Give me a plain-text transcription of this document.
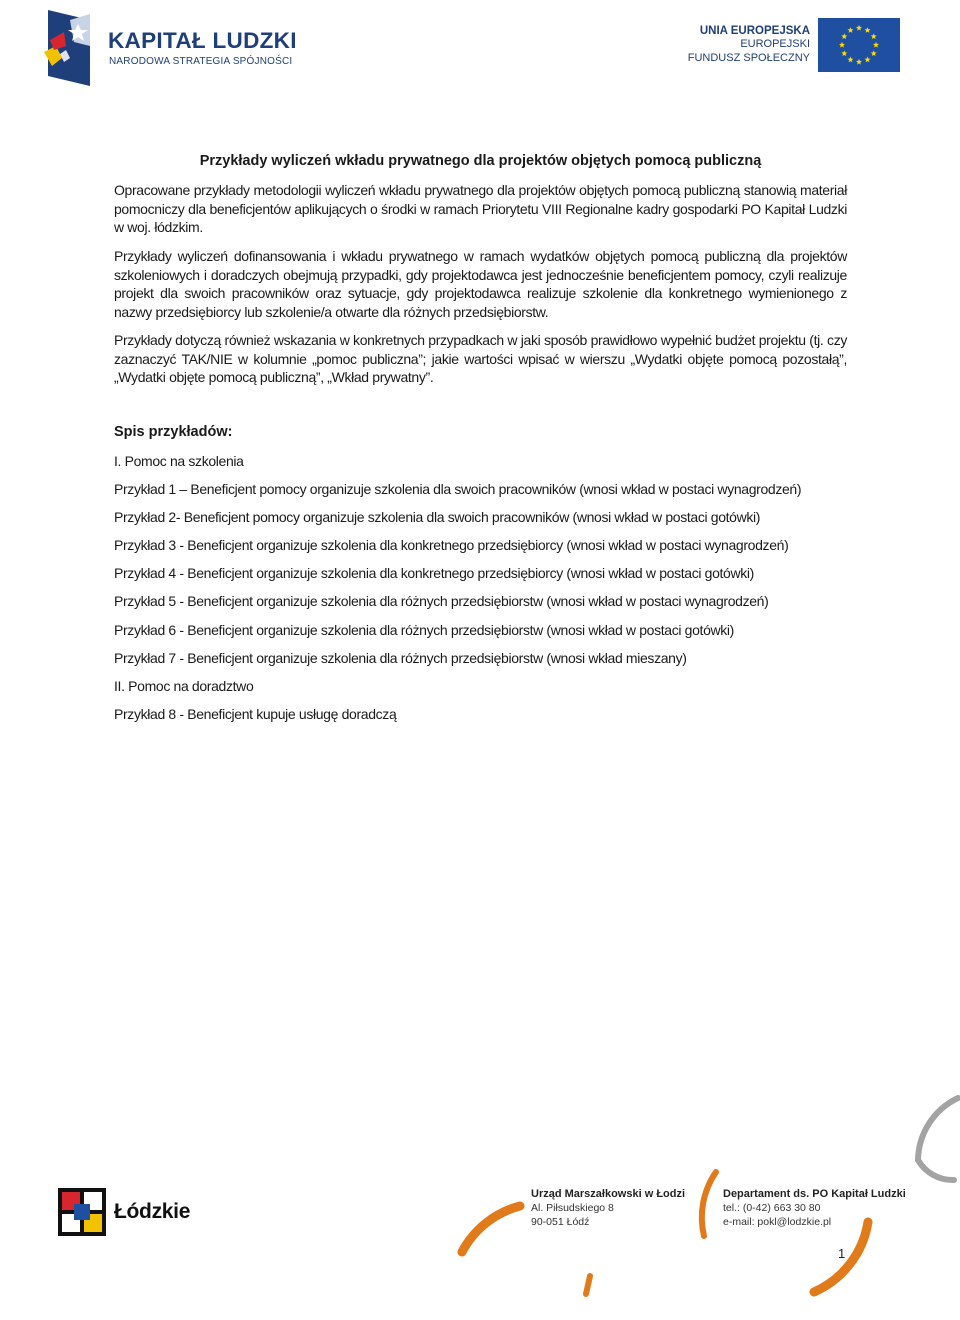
KAPITAŁ LUDZKI
NARODOWA STRATEGIA SPÓJNOŚCI
UNIA EUROPEJSKA
EUROPEJSKI
FUNDUSZ SPOŁECZNY
Przykłady wyliczeń wkładu prywatnego dla projektów objętych pomocą publiczną

Opracowane przykłady metodologii wyliczeń wkładu prywatnego dla projektów objętych pomocą publiczną stanowią materiał pomocniczy dla beneficjentów aplikujących o środki w ramach Priorytetu VIII Regionalne kadry gospodarki PO Kapitał Ludzki w woj. łódzkim.

Przykłady wyliczeń dofinansowania i wkładu prywatnego w ramach wydatków objętych pomocą publiczną dla projektów szkoleniowych i doradczych obejmują przypadki, gdy projektodawca jest jednocześnie beneficjentem pomocy, czyli realizuje projekt dla swoich pracowników oraz sytuacje, gdy projektodawca realizuje szkolenie dla konkretnego wymienionego z nazwy przedsiębiorcy lub szkolenie/a otwarte dla różnych przedsiębiorstw.

Przykłady dotyczą również wskazania w konkretnych przypadkach w jaki sposób prawidłowo wypełnić budżet projektu (tj. czy zaznaczyć TAK/NIE w kolumnie „pomoc publiczna”; jakie wartości wpisać w wierszu „Wydatki objęte pomocą pozostałą”, „Wydatki objęte pomocą publiczną”, „Wkład prywatny”.

Spis przykładów:
I. Pomoc na szkolenia
Przykład 1 – Beneficjent pomocy organizuje szkolenia dla swoich pracowników (wnosi wkład w postaci wynagrodzeń)
Przykład 2- Beneficjent pomocy organizuje szkolenia dla swoich pracowników (wnosi wkład w postaci gotówki)
Przykład 3 - Beneficjent organizuje szkolenia dla konkretnego przedsiębiorcy (wnosi wkład w postaci wynagrodzeń)
Przykład 4 - Beneficjent organizuje szkolenia dla konkretnego przedsiębiorcy (wnosi wkład w postaci gotówki)
Przykład 5 - Beneficjent organizuje szkolenia dla różnych przedsiębiorstw (wnosi wkład w postaci wynagrodzeń)
Przykład 6 - Beneficjent organizuje szkolenia dla różnych przedsiębiorstw (wnosi wkład w postaci gotówki)
Przykład 7 - Beneficjent organizuje szkolenia dla różnych przedsiębiorstw (wnosi wkład mieszany)
II. Pomoc na doradztwo
Przykład 8 - Beneficjent kupuje usługę doradczą
Łódzkie
Urząd Marszałkowski w Łodzi
Al. Piłsudskiego 8
90-051 Łódź
Departament ds. PO Kapitał Ludzki
tel.: (0-42) 663 30 80
e-mail: pokl@lodzkie.pl
1
